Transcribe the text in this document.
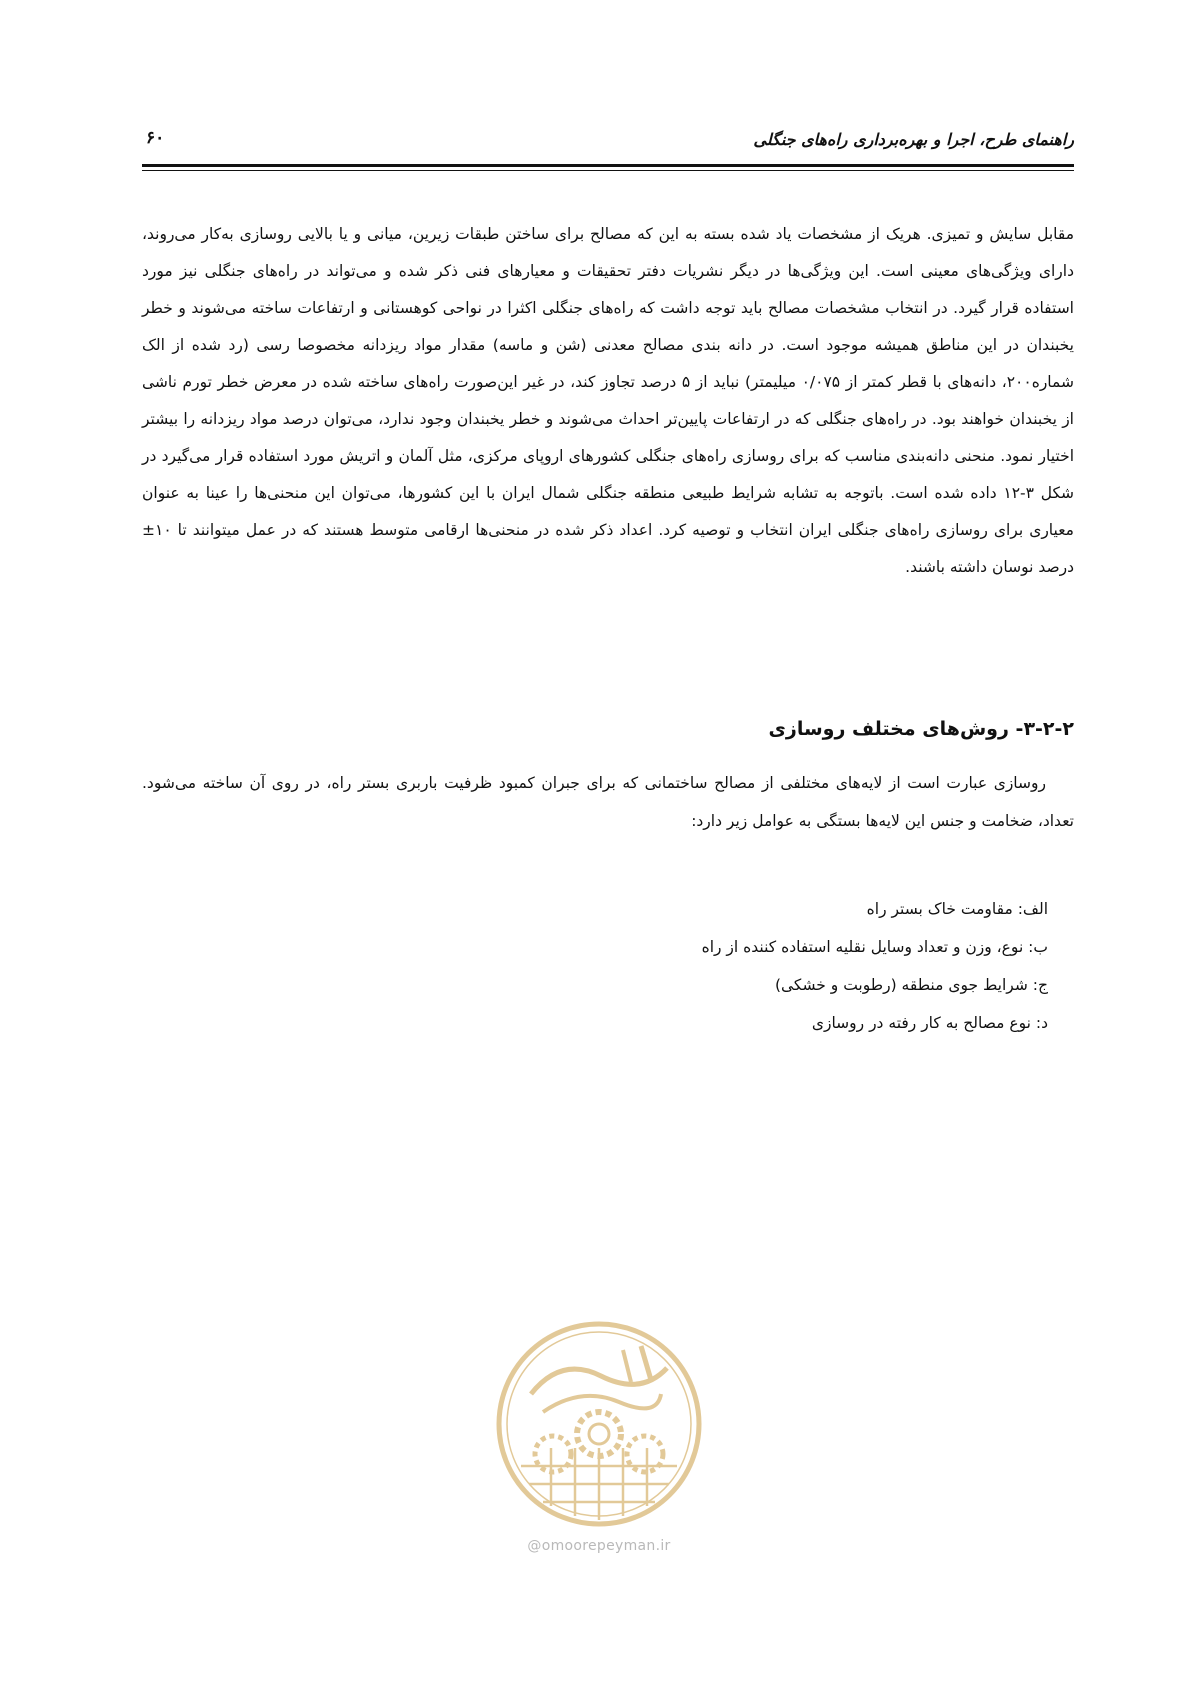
راهنمای طرح، اجرا و بهره‌برداری راه‌های جنگلی
۶۰

مقابل سایش و تمیزی. هریک از مشخصات یاد شده بسته به این که مصالح برای ساختن طبقات زیرین، میانی و یا بالایی روسازی به‌کار می‌روند، دارای ویژگی‌های معینی است. این ویژگی‌ها در دیگر نشریات دفتر تحقیقات و معیارهای فنی ذکر شده و می‌تواند در راه‌های جنگلی نیز مورد استفاده قرار گیرد. در انتخاب مشخصات مصالح باید توجه داشت که راه‌های جنگلی اکثرا در نواحی کوهستانی و ارتفاعات ساخته می‌شوند و خطر یخبندان در این مناطق همیشه موجود است. در دانه بندی مصالح معدنی (شن و ماسه) مقدار مواد ریزدانه مخصوصا رسی (رد شده از الک شماره۲۰۰، دانه‌های با قطر کمتر از ۰/۰۷۵ میلیمتر) نباید از ۵ درصد تجاوز کند، در غیر این‌صورت راه‌های ساخته شده در معرض خطر تورم ناشی از یخبندان خواهند بود. در راه‌های جنگلی که در ارتفاعات پایین‌تر احداث می‌شوند و خطر یخبندان وجود ندارد، می‌توان درصد مواد ریزدانه را بیشتر اختیار نمود. منحنی دانه‌بندی مناسب که برای روسازی راه‌های جنگلی کشورهای اروپای مرکزی، مثل آلمان و اتریش مورد استفاده قرار می‌گیرد در شکل ۳-۱۲ داده شده است. باتوجه به تشابه شرایط طبیعی منطقه جنگلی شمال ایران با این کشورها، می‌توان این منحنی‌ها را عینا به عنوان معیاری برای روسازی راه‌های جنگلی ایران انتخاب و توصیه کرد. اعداد ذکر شده در منحنی‌ها ارقامی متوسط هستند که در عمل میتوانند تا ۱۰± درصد نوسان داشته باشند.

۳-۲-۲- روش‌های مختلف روسازی

روسازی عبارت است از لایه‌های مختلفی از مصالح ساختمانی که برای جبران کمبود ظرفیت باربری بستر راه، در روی آن ساخته می‌شود. تعداد، ضخامت و جنس این لایه‌ها بستگی به عوامل زیر دارد:

الف: مقاومت خاک بستر راه
ب: نوع، وزن و تعداد وسایل نقلیه استفاده کننده از راه
ج: شرایط جوی منطقه (رطوبت و خشکی)
د: نوع مصالح به کار رفته در روسازی
@omoorepeyman.ir
